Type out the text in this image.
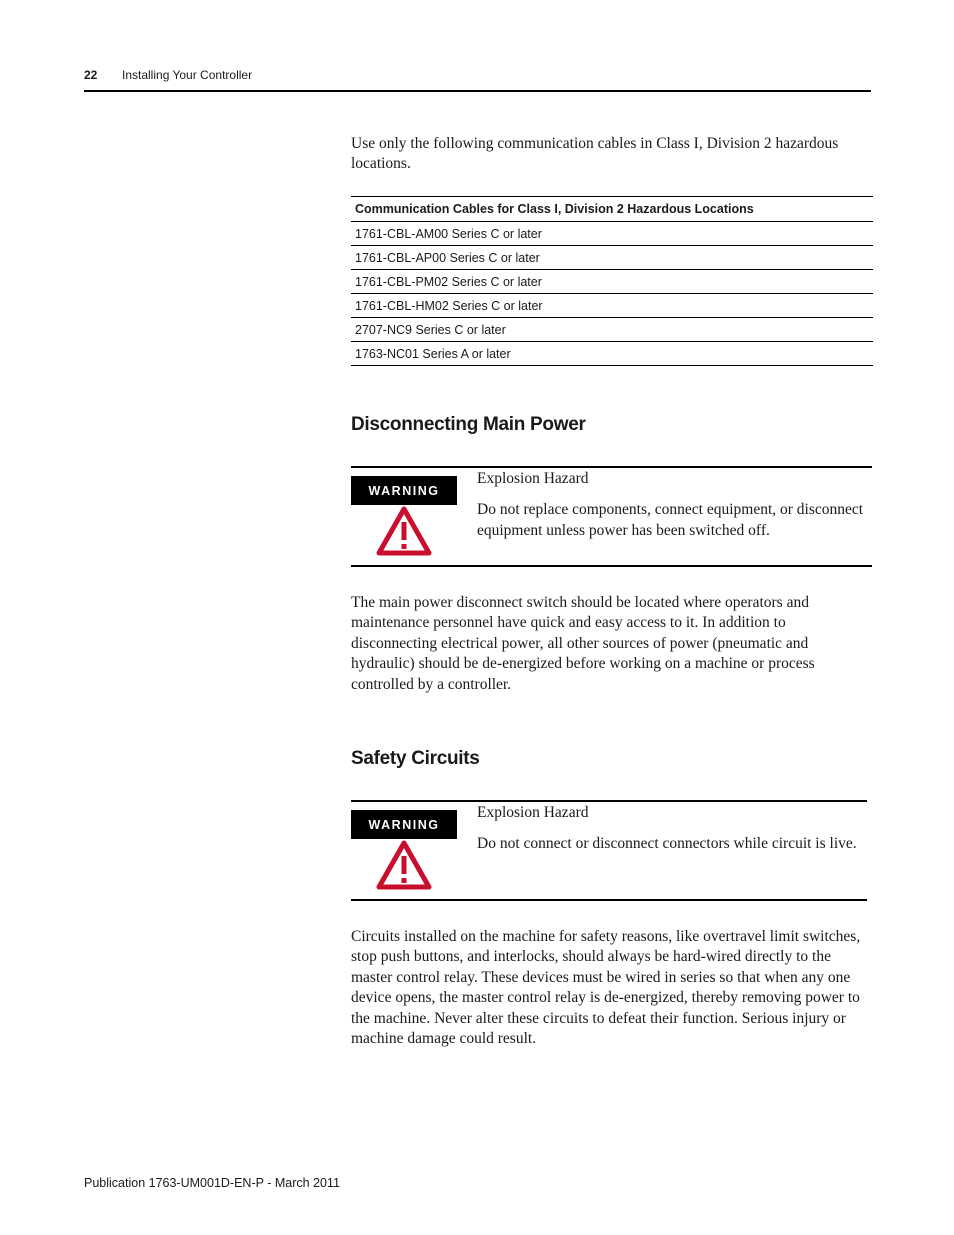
22 Installing Your Controller
Use only the following communication cables in Class I, Division 2 hazardous locations.
Communication Cables for Class I, Division 2 Hazardous Locations
1761-CBL-AM00 Series C or later
1761-CBL-AP00 Series C or later
1761-CBL-PM02 Series C or later
1761-CBL-HM02 Series C or later
2707-NC9 Series C or later
1763-NC01 Series A or later
Disconnecting Main Power
WARNING
Explosion Hazard
Do not replace components, connect equipment, or disconnect equipment unless power has been switched off.
The main power disconnect switch should be located where operators and maintenance personnel have quick and easy access to it. In addition to disconnecting electrical power, all other sources of power (pneumatic and hydraulic) should be de-energized before working on a machine or process controlled by a controller.
Safety Circuits
WARNING
Explosion Hazard
Do not connect or disconnect connectors while circuit is live.
Circuits installed on the machine for safety reasons, like overtravel limit switches, stop push buttons, and interlocks, should always be hard-wired directly to the master control relay. These devices must be wired in series so that when any one device opens, the master control relay is de-energized, thereby removing power to the machine. Never alter these circuits to defeat their function. Serious injury or machine damage could result.
Publication 1763-UM001D-EN-P - March 2011
